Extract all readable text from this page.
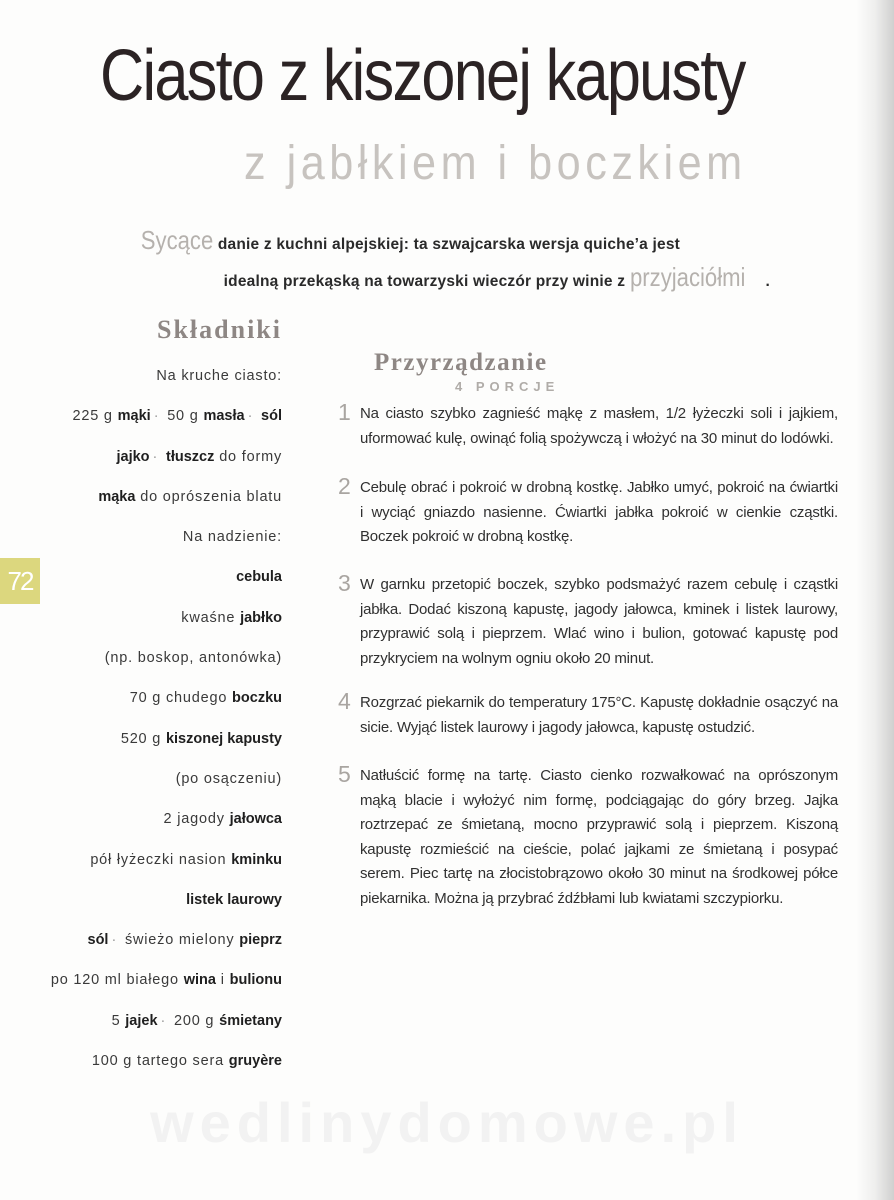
Ciasto z kiszonej kapusty
z jabłkiem i boczkiem
Sycące danie z kuchni alpejskiej: ta szwajcarska wersja quiche’a jest
idealną przekąską na towarzyski wieczór przy winie z przyjaciółmi .
72
Składniki
Na kruche ciasto:
225 g mąki · 50 g masła · sól
jajko · tłuszcz do formy
mąka do oprószenia blatu
Na nadzienie:
cebula
kwaśne jabłko
(np. boskop, antonówka)
70 g chudego boczku
520 g kiszonej kapusty
(po osączeniu)
2 jagody jałowca
pół łyżeczki nasion kminku
listek laurowy
sól · świeżo mielony pieprz
po 120 ml białego wina i bulionu
5 jajek · 200 g śmietany
100 g tartego sera gruyère
Przyrządzanie
4 PORCJE
1 Na ciasto szybko zagnieść mąkę z masłem, 1/2 łyżeczki soli i jajkiem, uformować kulę, owinąć folią spożywczą i włożyć na 30 minut do lodówki.

2 Cebulę obrać i pokroić w drobną kostkę. Jabłko umyć, pokroić na ćwiartki i wyciąć gniazdo nasienne. Ćwiartki jabłka pokroić w cienkie cząstki. Boczek pokroić w drobną kostkę.

3 W garnku przetopić boczek, szybko podsmażyć razem cebulę i cząstki jabłka. Dodać kiszoną kapustę, jagody jałowca, kminek i listek laurowy, przyprawić solą i pieprzem. Wlać wino i bulion, gotować kapustę pod przykryciem na wolnym ogniu około 20 minut.

4 Rozgrzać piekarnik do temperatury 175°C. Kapustę dokładnie osączyć na sicie. Wyjąć listek laurowy i jagody jałowca, kapustę ostudzić.

5 Natłuścić formę na tartę. Ciasto cienko rozwałkować na oprószonym mąką blacie i wyłożyć nim formę, podciągając do góry brzeg. Jajka roztrzepać ze śmietaną, mocno przyprawić solą i pieprzem. Kiszoną kapustę rozmieścić na cieście, polać jajkami ze śmietaną i posypać serem. Piec tartę na złocistobrązowo około 30 minut na środkowej półce piekarnika. Można ją przybrać źdźbłami lub kwiatami szczypiorku.

wedlinydomowe.pl
